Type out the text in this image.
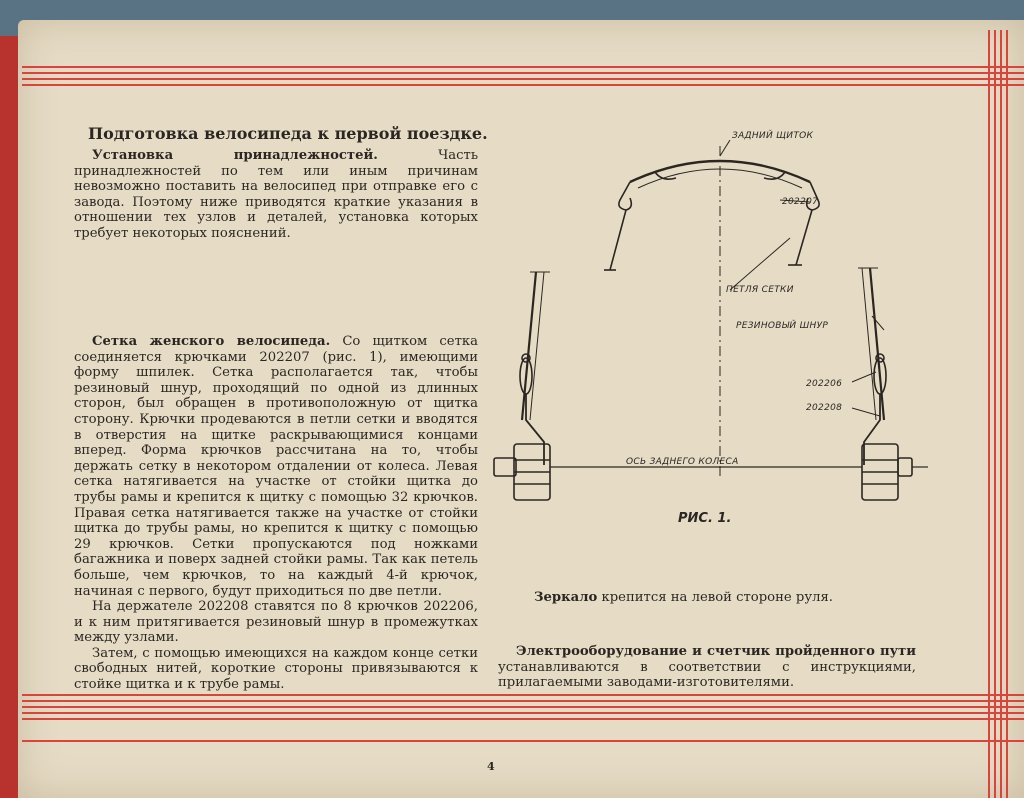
Подготовка велосипеда к первой поездке.

Установка принадлежностей. Часть принадлежностей по тем или иным причинам невозможно поставить на велосипед при отправке его с завода. Поэтому ниже приводятся краткие указания в отношении тех узлов и деталей, установка которых требует некоторых пояснений.

Сетка женского велосипеда. Со щитком сетка соединяется крючками 202207 (рис. 1), имеющими форму шпилек. Сетка располагается так, чтобы резиновый шнур, проходящий по одной из длинных сторон, был обращен в противоположную от щитка сторону. Крючки продеваются в петли сетки и вводятся в отверстия на щитке раскрывающимися концами вперед. Форма крючков рассчитана на то, чтобы держать сетку в некотором отдалении от колеса. Левая сетка натягивается на участке от стойки щитка до трубы рамы и крепится к щитку с помощью 32 крючков. Правая сетка натягивается также на участке от стойки щитка до трубы рамы, но крепится к щитку с помощью 29 крючков. Сетки пропускаются под ножками багажника и поверх задней стойки рамы. Так как петель больше, чем крючков, то на каждый 4-й крючок, начиная с первого, будут приходиться по две петли.

На держателе 202208 ставятся по 8 крючков 202206, и к ним притягивается резиновый шнур в промежутках между узлами.

Затем, с помощью имеющихся на каждом конце сетки свободных нитей, короткие стороны привязываются к стойке щитка и к трубе рамы.

Зеркало крепится на левой стороне руля.

Электрооборудование и счетчик пройденного пути устанавливаются в соответствии с инструкциями, прилагаемыми заводами-изготовителями.

ЗАДНИЙ ЩИТОК
202207
ПЕТЛЯ СЕТКИ
РЕЗИНОВЫЙ ШНУР
202206
202208
ОСЬ ЗАДНЕГО КОЛЕСА
РИС. 1.
4
